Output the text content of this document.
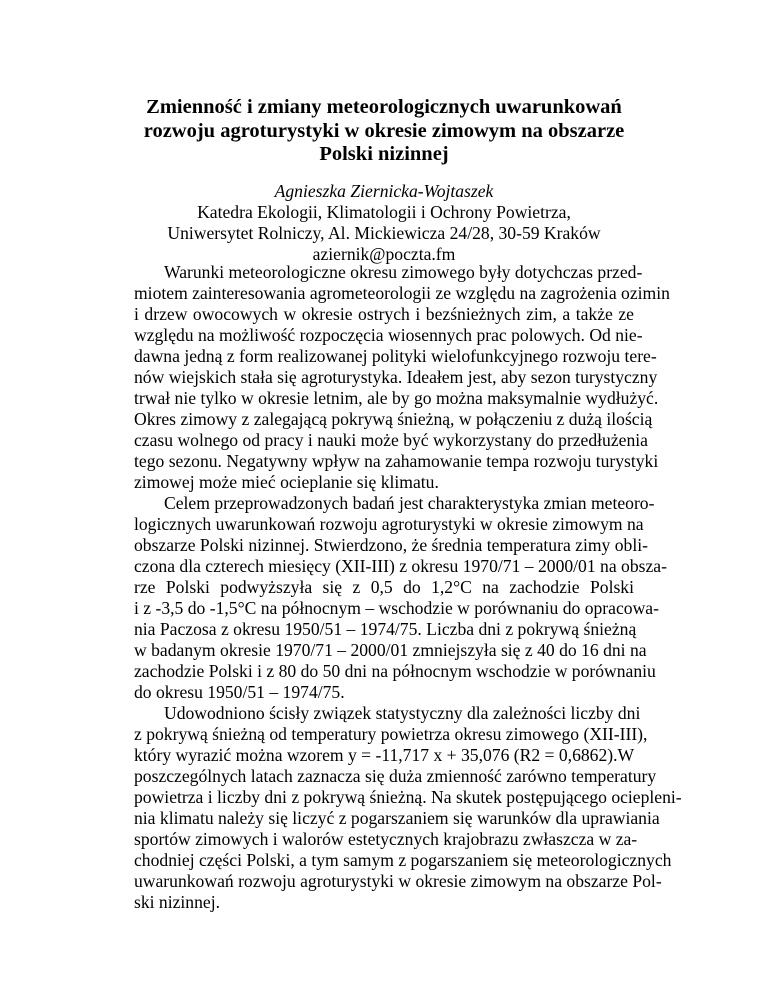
Zmienność i zmiany meteorologicznych uwarunkowań
rozwoju agroturystyki w okresie zimowym na obszarze
Polski nizinnej
Agnieszka Ziernicka-Wojtaszek
Katedra Ekologii, Klimatologii i Ochrony Powietrza,
Uniwersytet Rolniczy, Al. Mickiewicza 24/28, 30-59 Kraków
aziernik@poczta.fm
Warunki meteorologiczne okresu zimowego były dotychczas przed-
miotem zainteresowania agrometeorologii ze względu na zagrożenia ozimin
i drzew owocowych w okresie ostrych i bezśnieżnych zim, a także ze
względu na możliwość rozpoczęcia wiosennych prac polowych. Od nie-
dawna jedną z form realizowanej polityki wielofunkcyjnego rozwoju tere-
nów wiejskich stała się agroturystyka. Ideałem jest, aby sezon turystyczny
trwał nie tylko w okresie letnim, ale by go można maksymalnie wydłużyć.
Okres zimowy z zalegającą pokrywą śnieżną, w połączeniu z dużą ilością
czasu wolnego od pracy i nauki może być wykorzystany do przedłużenia
tego sezonu. Negatywny wpływ na zahamowanie tempa rozwoju turystyki
zimowej może mieć ocieplanie się klimatu.
Celem przeprowadzonych badań jest charakterystyka zmian meteoro-
logicznych uwarunkowań rozwoju agroturystyki w okresie zimowym na
obszarze Polski nizinnej. Stwierdzono, że średnia temperatura zimy obli-
czona dla czterech miesięcy (XII-III) z okresu 1970/71 – 2000/01 na obsza-
rze Polski podwyższyła się z 0,5 do 1,2°C na zachodzie Polski
i z -3,5 do -1,5°C na północnym – wschodzie w porównaniu do opracowa-
nia Paczosa z okresu 1950/51 – 1974/75. Liczba dni z pokrywą śnieżną
w badanym okresie 1970/71 – 2000/01 zmniejszyła się z 40 do 16 dni na
zachodzie Polski i z 80 do 50 dni na północnym wschodzie w porównaniu
do okresu 1950/51 – 1974/75.
Udowodniono ścisły związek statystyczny dla zależności liczby dni
z pokrywą śnieżną od temperatury powietrza okresu zimowego (XII-III),
który wyrazić można wzorem y = -11,717 x + 35,076 (R2 = 0,6862).W
poszczególnych latach zaznacza się duża zmienność zarówno temperatury
powietrza i liczby dni z pokrywą śnieżną. Na skutek postępującego ociepleni-
nia klimatu należy się liczyć z pogarszaniem się warunków dla uprawiania
sportów zimowych i walorów estetycznych krajobrazu zwłaszcza w za-
chodniej części Polski, a tym samym z pogarszaniem się meteorologicznych
uwarunkowań rozwoju agroturystyki w okresie zimowym na obszarze Pol-
ski nizinnej.
